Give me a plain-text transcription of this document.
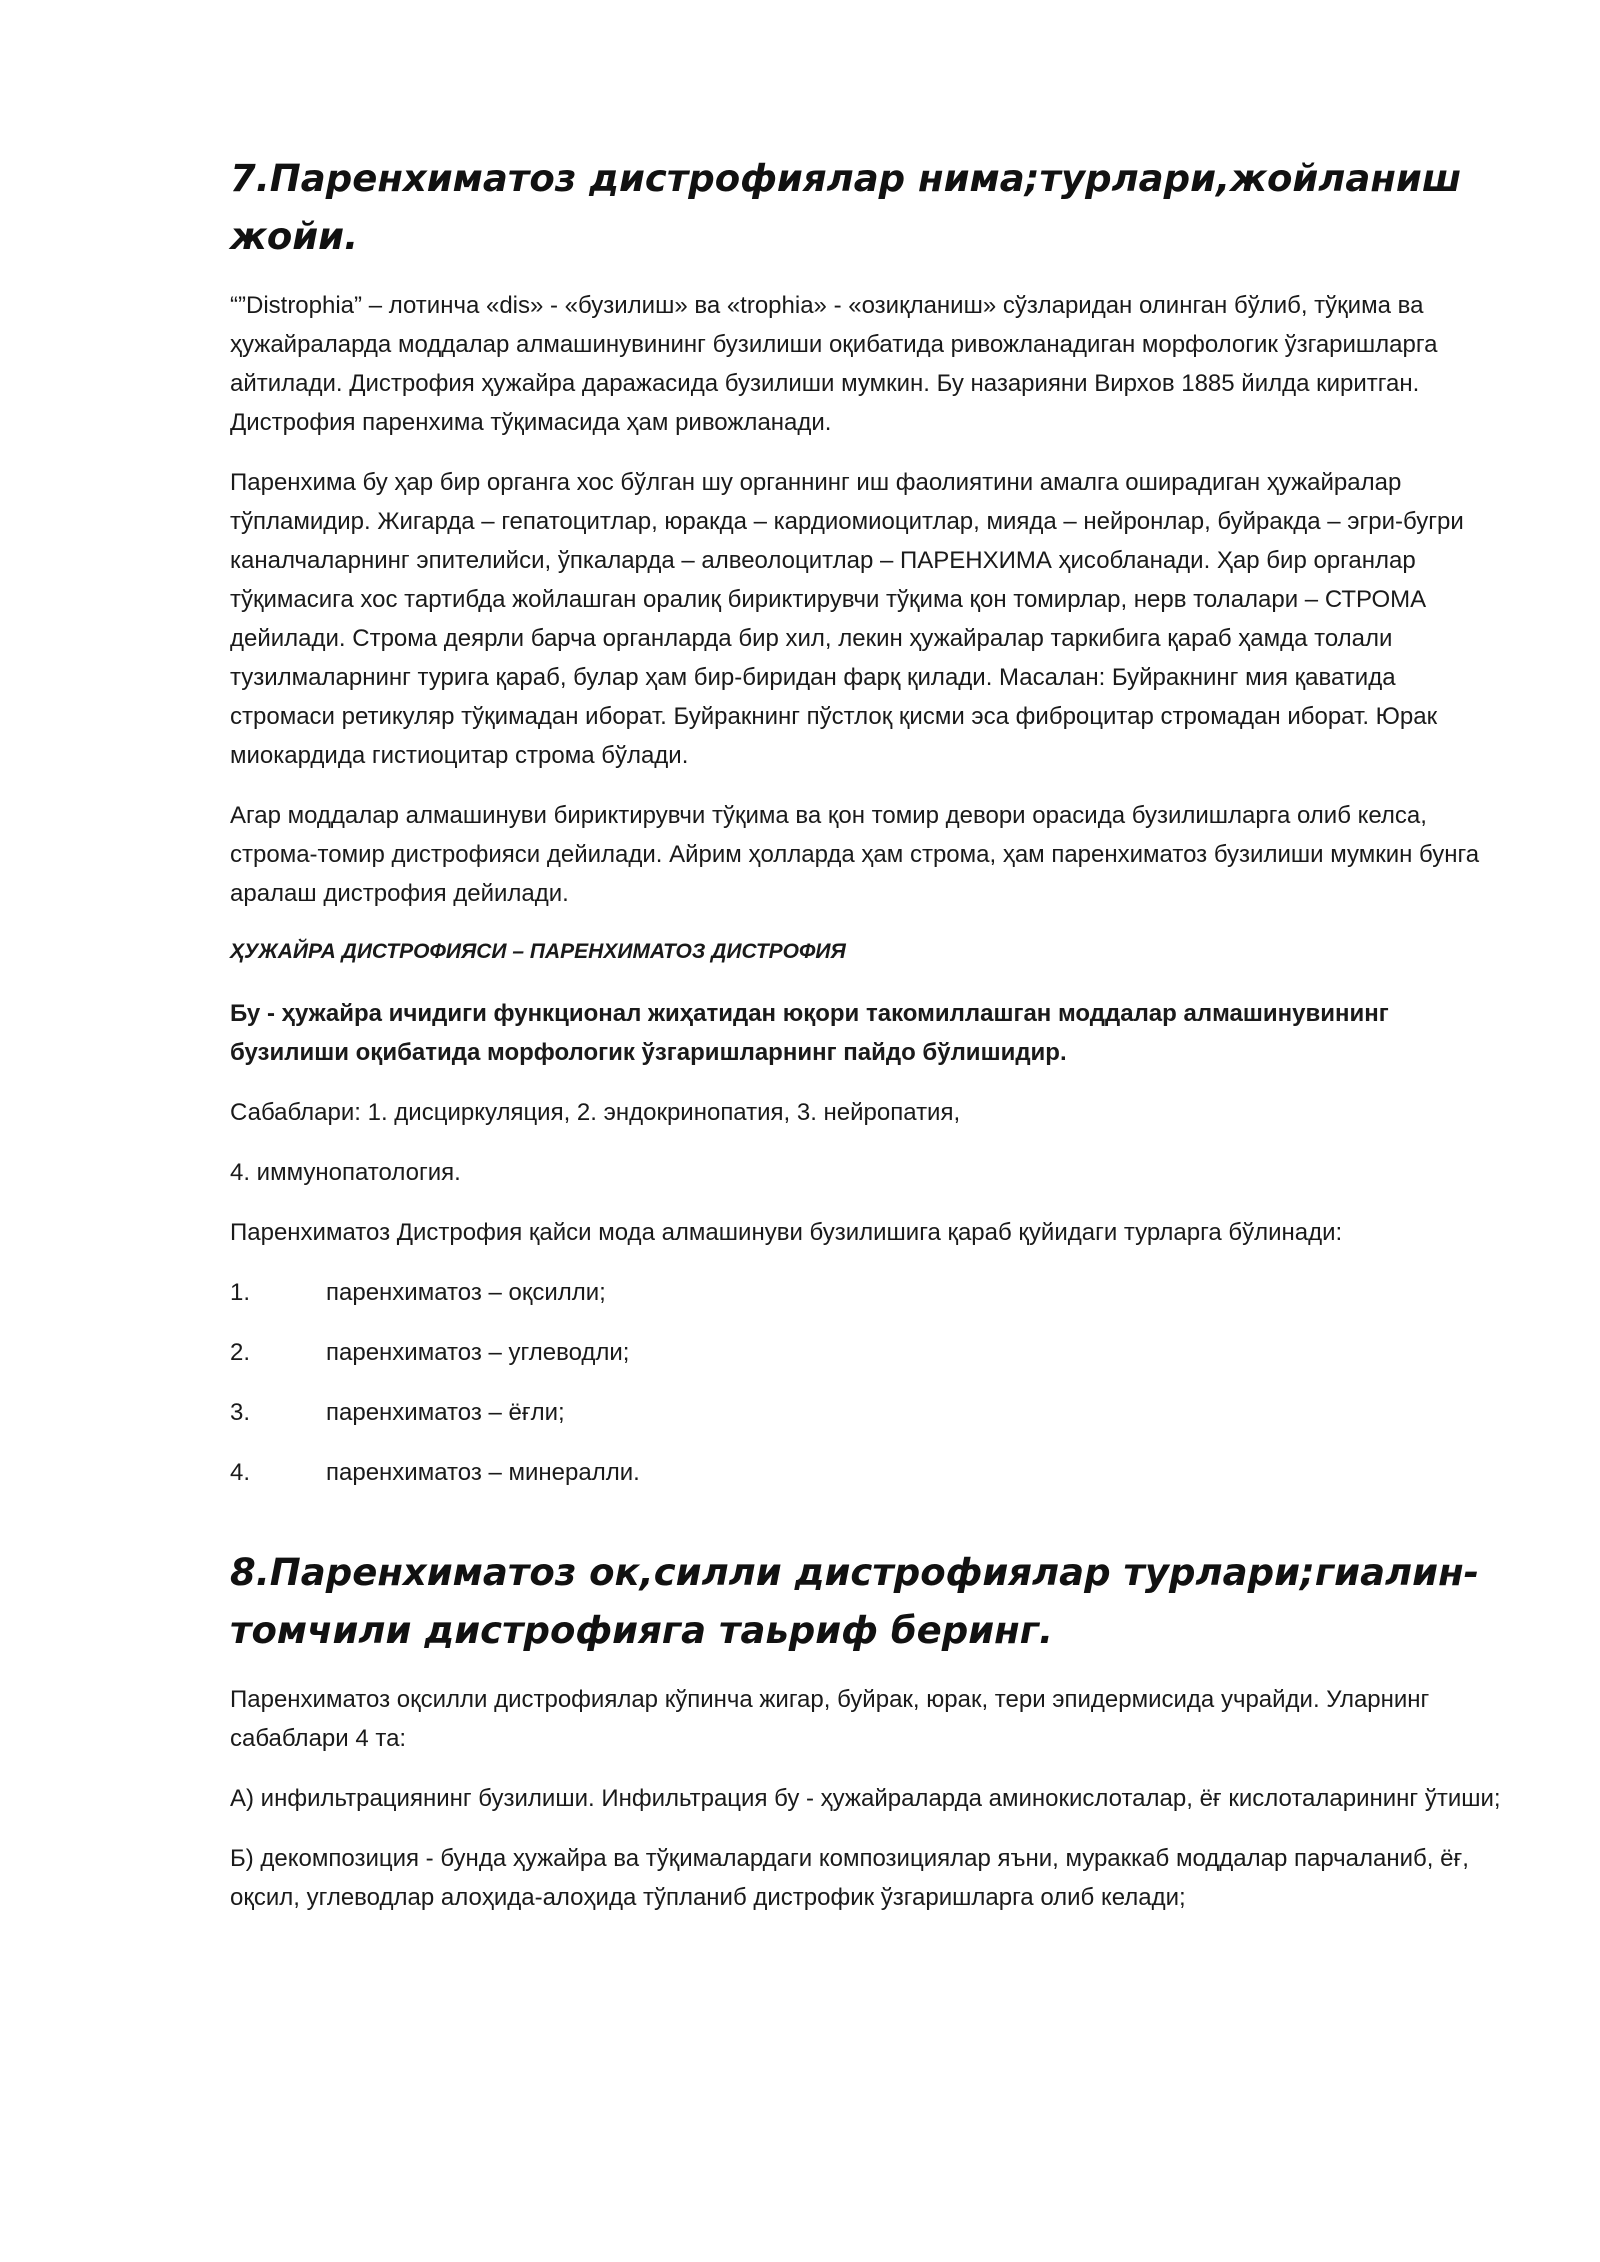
7.Паренхиматоз дистрофиялар нима;турлари,жойланиш жойи.

“”Distrophia” – лотинча «dis» - «бузилиш» ва «trophia» - «озиқланиш» сўзларидан олинган бўлиб, тўқима ва ҳужайраларда моддалар алмашинувининг бузилиши оқибатида ривожланадиган морфологик ўзгаришларга айтилади. Дистрофия ҳужайра даражасида бузилиши мумкин. Бу назарияни Вирхов 1885 йилда киритган. Дистрофия паренхима тўқимасида ҳам ривожланади.

Паренхима бу ҳар бир органга хос бўлган шу органнинг иш фаолиятини амалга оширадиган ҳужайралар тўпламидир. Жигарда – гепатоцитлар, юракда – кардиомиоцитлар, мияда – нейронлар, буйракда – эгри-бугри каналчаларнинг эпителийси, ўпкаларда – алвеолоцитлар – ПАРЕНХИМА ҳисобланади. Ҳар бир органлар тўқимасига хос тартибда жойлашган оралиқ бириктирувчи тўқима қон томирлар, нерв толалари – СТРОМА дейилади. Строма деярли барча органларда бир хил, лекин ҳужайралар таркибига қараб ҳамда толали тузилмаларнинг турига қараб, булар ҳам бир-биридан фарқ қилади. Масалан: Буйракнинг мия қаватида стромаси ретикуляр тўқимадан иборат. Буйракнинг пўстлоқ қисми эса фиброцитар стромадан иборат. Юрак миокардида гистиоцитар строма бўлади.

Агар моддалар алмашинуви бириктирувчи тўқима ва қон томир девори орасида бузилишларга олиб келса, строма-томир дистрофияси дейилади. Айрим ҳолларда ҳам строма, ҳам паренхиматоз бузилиши мумкин бунга аралаш дистрофия дейилади.

ҲУЖАЙРА ДИСТРОФИЯСИ – ПАРЕНХИМАТОЗ ДИСТРОФИЯ

Бу - ҳужайра ичидиги функционал жиҳатидан юқори такомиллашган моддалар алмашинувининг бузилиши оқибатида морфологик ўзгаришларнинг пайдо бўлишидир.

Сабаблари: 1. дисциркуляция, 2. эндокринопатия, 3. нейропатия,

4. иммунопатология.

Паренхиматоз Дистрофия қайси мода алмашинуви бузилишига қараб қуйидаги турларга бўлинади:

1.	паренхиматоз – оқсилли;
2.	паренхиматоз – углеводли;
3.	паренхиматоз – ёғли;
4.	паренхиматоз – минералли.
8.Паренхиматоз ок,силли дистрофиялар турлари;гиалин-томчили дистрофияга таьриф беринг.

Паренхиматоз оқсилли дистрофиялар кўпинча жигар, буйрак, юрак, тери эпидермисида учрайди. Уларнинг сабаблари 4 та:

А) инфильтрациянинг бузилиши. Инфильтрация бу - ҳужайраларда аминокислоталар, ёғ кислоталарининг ўтиши;

Б) декомпозиция - бунда ҳужайра ва тўқималардаги композициялар яъни, мураккаб моддалар парчаланиб, ёғ, оқсил, углеводлар алоҳида-алоҳида тўпланиб дистрофик ўзгаришларга олиб келади;
